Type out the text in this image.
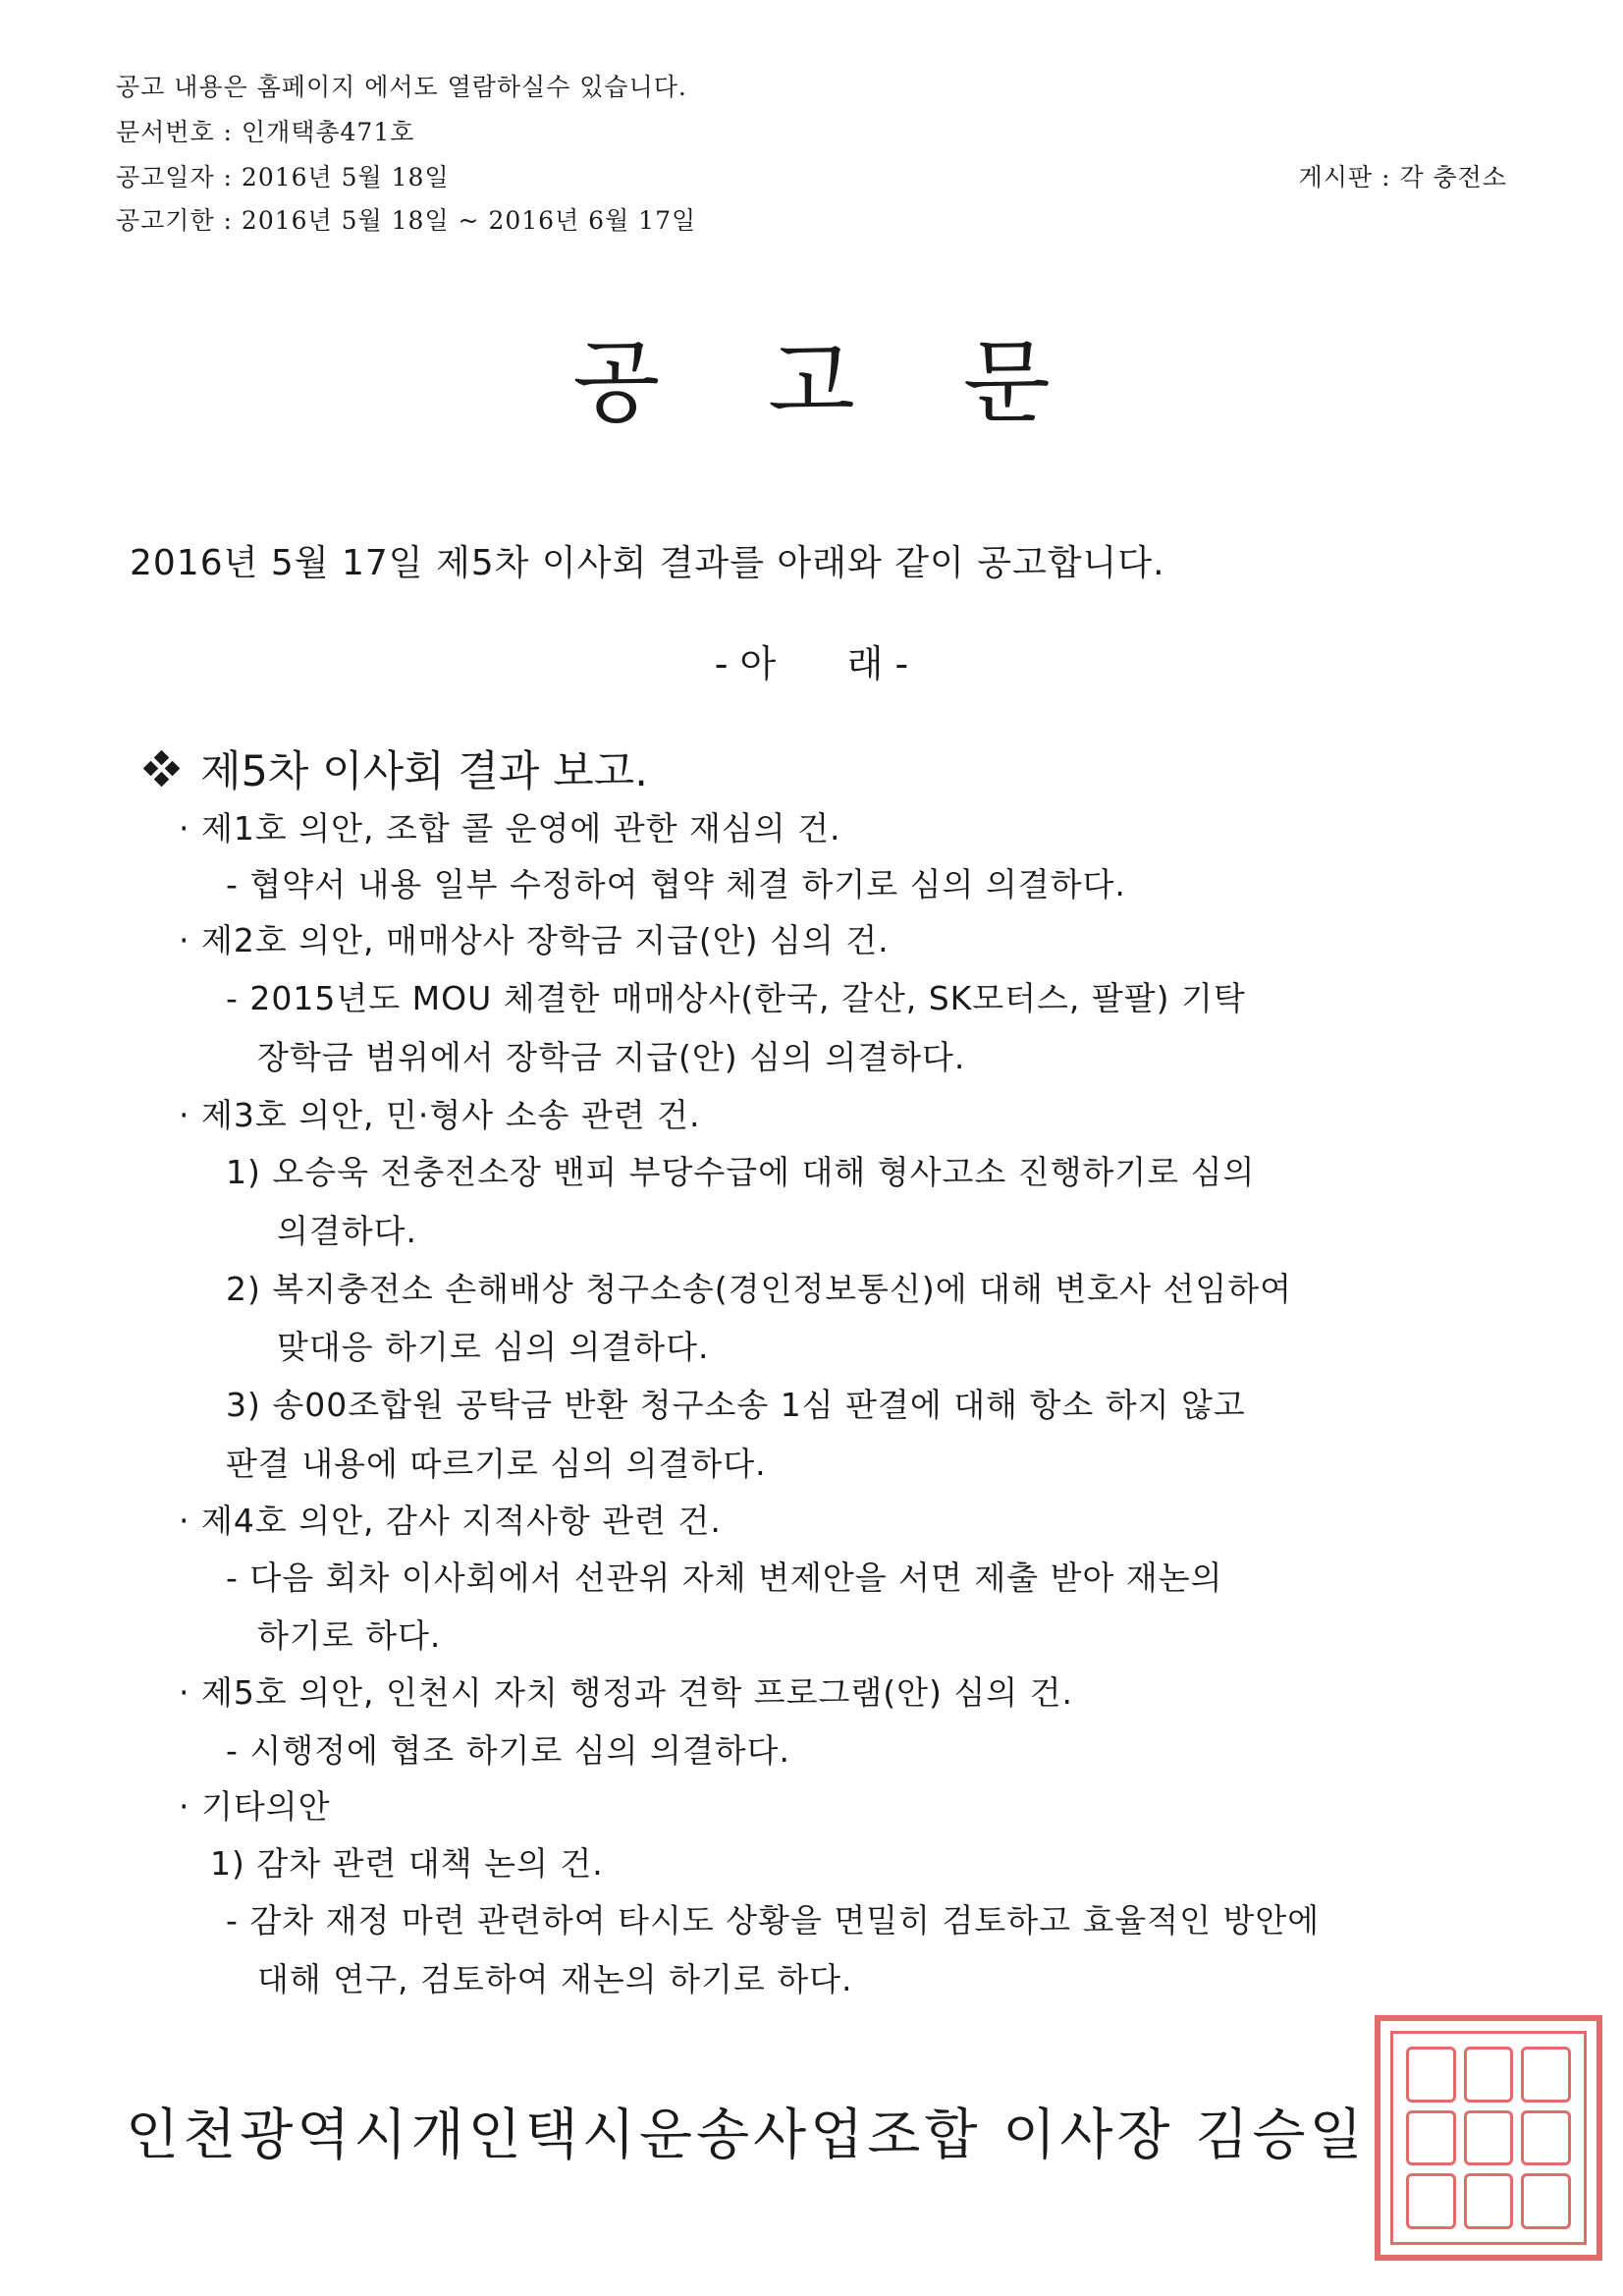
공고 내용은 홈페이지 에서도 열람하실수 있습니다.
문서번호 : 인개택총471호
공고일자 : 2016년 5월 18일	게시판 : 각 충전소
공고기한 : 2016년 5월 18일 ~ 2016년 6월 17일
공고문
2016년 5월 17일 제5차 이사회 결과를 아래와 같이 공고합니다.
- 아      래 -
제5차 이사회 결과 보고.
· 제1호 의안, 조합 콜 운영에 관한 재심의 건.
- 협약서 내용 일부 수정하여 협약 체결 하기로 심의 의결하다.
· 제2호 의안, 매매상사 장학금 지급(안) 심의 건.
- 2015년도 MOU 체결한 매매상사(한국, 갈산, SK모터스, 팔팔) 기탁
장학금 범위에서 장학금 지급(안) 심의 의결하다.
· 제3호 의안, 민·형사 소송 관련 건.
1) 오승욱 전충전소장 밴피 부당수급에 대해 형사고소 진행하기로 심의
의결하다.
2) 복지충전소 손해배상 청구소송(경인정보통신)에 대해 변호사 선임하여
맞대응 하기로 심의 의결하다.
3) 송00조합원 공탁금 반환 청구소송 1심 판결에 대해 항소 하지 않고
판결 내용에 따르기로 심의 의결하다.
· 제4호 의안, 감사 지적사항 관련 건.
- 다음 회차 이사회에서 선관위 자체 변제안을 서면 제출 받아 재논의
하기로 하다.
· 제5호 의안, 인천시 자치 행정과 견학 프로그램(안) 심의 건.
- 시행정에 협조 하기로 심의 의결하다.
· 기타의안
1) 감차 관련 대책 논의 건.
- 감차 재정 마련 관련하여 타시도 상황을 면밀히 검토하고 효율적인 방안에
대해 연구, 검토하여 재논의 하기로 하다.
인천광역시개인택시운송사업조합 이사장 김승일
